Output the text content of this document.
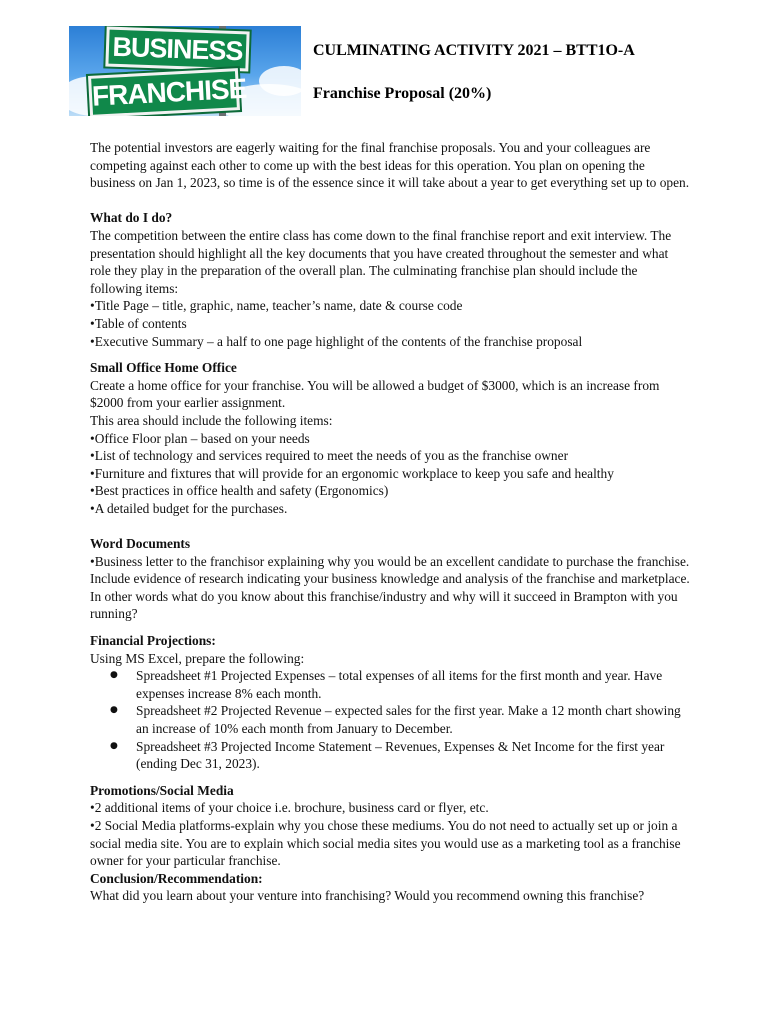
BUSINESS
FRANCHISE
CULMINATING ACTIVITY 2021 – BTT1O-A
Franchise Proposal (20%)

The potential investors are eagerly waiting for the final franchise proposals. You and your colleagues are competing against each other to come up with the best ideas for this operation. You plan on opening the business on Jan 1, 2023, so time is of the essence since it will take about a year to get everything set up to open.

What do I do?

The competition between the entire class has come down to the final franchise report and exit interview. The presentation should highlight all the key documents that you have created throughout the semester and what role they play in the preparation of the overall plan. The culminating franchise plan should include the following items:

•Title Page – title, graphic, name, teacher’s name, date & course code

•Table of contents

•Executive Summary – a half to one page highlight of the contents of the franchise proposal

Small Office Home Office

Create a home office for your franchise. You will be allowed a budget of $3000, which is an increase from $2000 from your earlier assignment.

This area should include the following items:

•Office Floor plan – based on your needs

•List of technology and services required to meet the needs of you as the franchise owner

•Furniture and fixtures that will provide for an ergonomic workplace to keep you safe and healthy

•Best practices in office health and safety (Ergonomics)

•A detailed budget for the purchases.

Word Documents

•Business letter to the franchisor explaining why you would be an excellent candidate to purchase the franchise. Include evidence of research indicating your business knowledge and analysis of the franchise and marketplace. In other words what do you know about this franchise/industry and why will it succeed in Brampton with you running?

Financial Projections:

Using MS Excel, prepare the following:

● Spreadsheet #1 Projected Expenses – total expenses of all items for the first month and year. Have expenses increase 8% each month.
● Spreadsheet #2 Projected Revenue – expected sales for the first year. Make a 12 month chart showing an increase of 10% each month from January to December.
● Spreadsheet #3 Projected Income Statement – Revenues, Expenses & Net Income for the first year (ending Dec 31, 2023).

Promotions/Social Media

•2 additional items of your choice i.e. brochure, business card or flyer, etc.

•2 Social Media platforms-explain why you chose these mediums. You do not need to actually set up or join a social media site. You are to explain which social media sites you would use as a marketing tool as a franchise owner for your particular franchise.

Conclusion/Recommendation:

What did you learn about your venture into franchising? Would you recommend owning this franchise?
